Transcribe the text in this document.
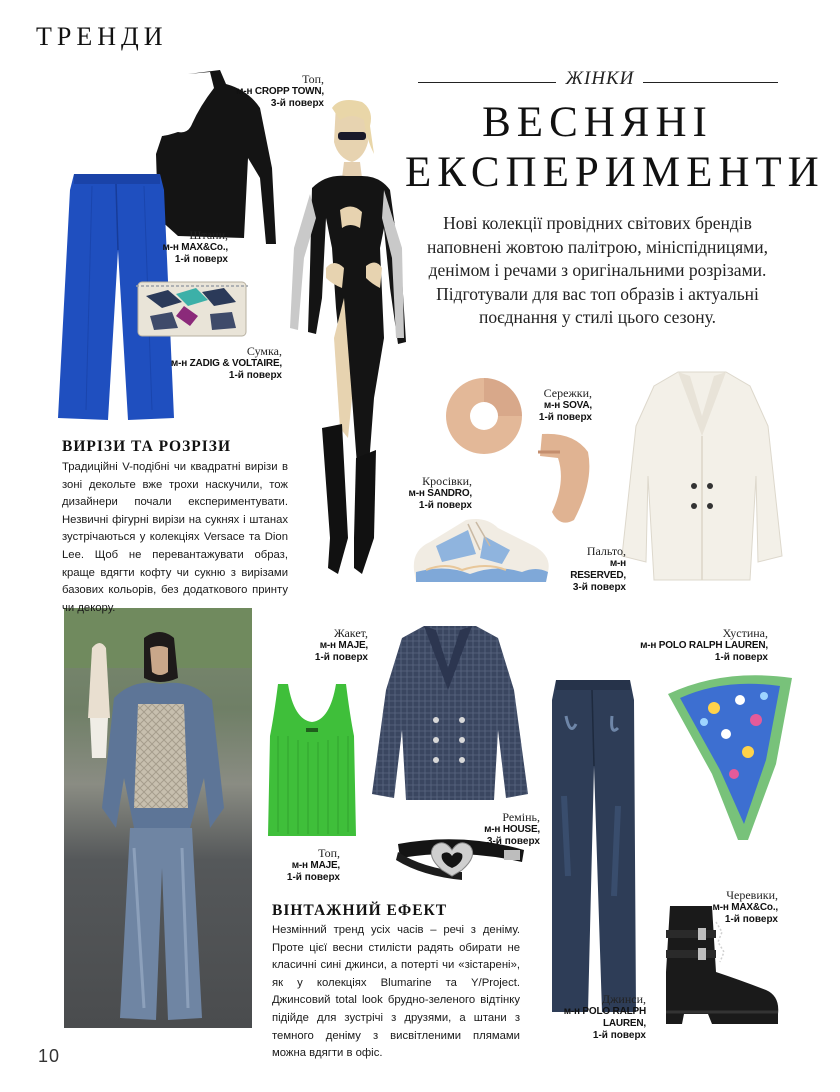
ТРЕНДИ
ЖІНКИ
ВЕСНЯНІ
ЕКСПЕРИМЕНТИ
Нові колекції провідних світових брендів наповнені жовтою палітрою, мініспідницями, денімом і речами з оригінальними розрізами. Підготували для вас топ образів і актуальні поєднання у стилі цього сезону.
Топ,
м-н CROPP TOWN,
3-й поверх
Штани,
м-н MAX&Co.,
1-й поверх
Сумка,
м-н ZADIG & VOLTAIRE,
1-й поверх
Сережки,
м-н SOVA,
1-й поверх
Кросівки,
м-н SANDRO,
1-й поверх
Пальто,
м-н RESERVED,
3-й поверх
Жакет,
м-н MAJE,
1-й поверх
Хустина,
м-н POLO RALPH LAUREN,
1-й поверх
Топ,
м-н MAJE,
1-й поверх
Ремінь,
м-н HOUSE,
3-й поверх
Черевики,
м-н MAX&Co.,
1-й поверх
Джинси,
м-н POLO RALPH LAUREN,
1-й поверх
ВИРІЗИ ТА РОЗРІЗИ
Традиційні V-подібні чи квадратні вирізи в зоні декольте вже трохи наскучили, тож дизайнери почали експериментувати. Незвичні фігурні вирізи на сукнях і штанах зустрічаються у колекціях Versace та Dion Lee. Щоб не перевантажувати образ, краще вдягти кофту чи сукню з вирізами базових кольорів, без додаткового принту чи декору.
ВІНТАЖНИЙ ЕФЕКТ
Незмінний тренд усіх часів – речі з деніму. Проте цієї весни стилісти радять обирати не класичні сині джинси, а потерті чи «зістарені», як у колекціях Blumarine та Y/Project. Джинсовий total look брудно-зеленого відтінку підійде для зустрічі з друзями, а штани з темного деніму з висвітленими плямами можна вдягти в офіс.
10
